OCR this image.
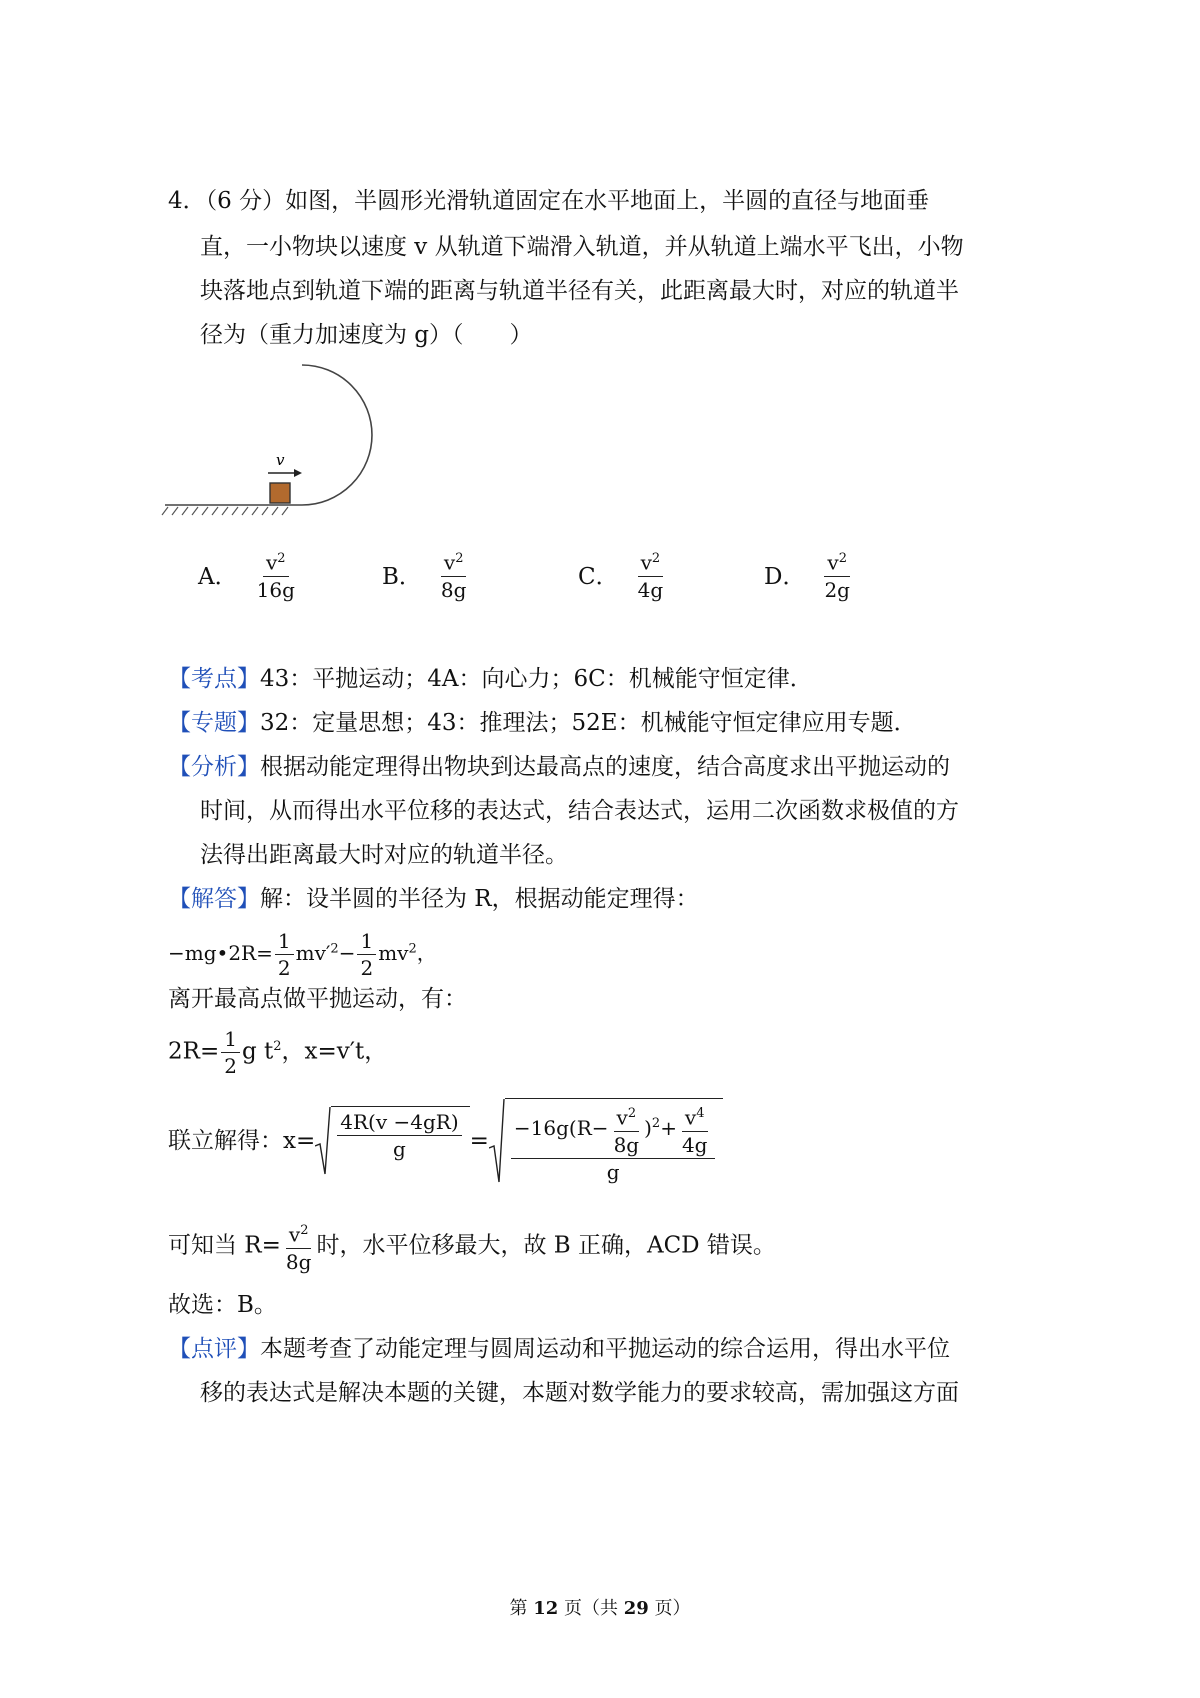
4．（6 分）如图，半圆形光滑轨道固定在水平地面上，半圆的直径与地面垂
直，一小物块以速度 v 从轨道下端滑入轨道，并从轨道上端水平飞出，小物
块落地点到轨道下端的距离与轨道半径有关，此距离最大时，对应的轨道半
径为（重力加速度为 g）（　　）
v
A． $\frac{v^2}{16g}$	B． $\frac{v^2}{8g}$	C． $\frac{v^2}{4g}$	D． $\frac{v^2}{2g}$
【考点】43：平抛运动；4A：向心力；6C：机械能守恒定律．
【专题】32：定量思想；43：推理法；52E：机械能守恒定律应用专题．
【分析】根据动能定理得出物块到达最高点的速度，结合高度求出平抛运动的
时间，从而得出水平位移的表达式，结合表达式，运用二次函数求极值的方
法得出距离最大时对应的轨道半径。
【解答】解：设半圆的半径为 R，根据动能定理得：
−mg•2R= $\frac{1}{2} mv'^2- \frac{1}{2} mv^2$，
离开最高点做平抛运动，有：
$2R= \frac{1}{2}$ g $t^2$，x=v′t，
联立解得：$x= \frac{4R(v -4gR)}{g} = \frac{-16g(R- \frac{v^2}{8g} )^2+ \frac{v^4}{4g}}{g}$
可知当 $R= \frac{v^2}{8g}$ 时，水平位移最大，故 B 正确，ACD 错误。
故选：B。
【点评】本题考查了动能定理与圆周运动和平抛运动的综合运用，得出水平位
移的表达式是解决本题的关键，本题对数学能力的要求较高，需加强这方面
第 12 页（共 29 页）
